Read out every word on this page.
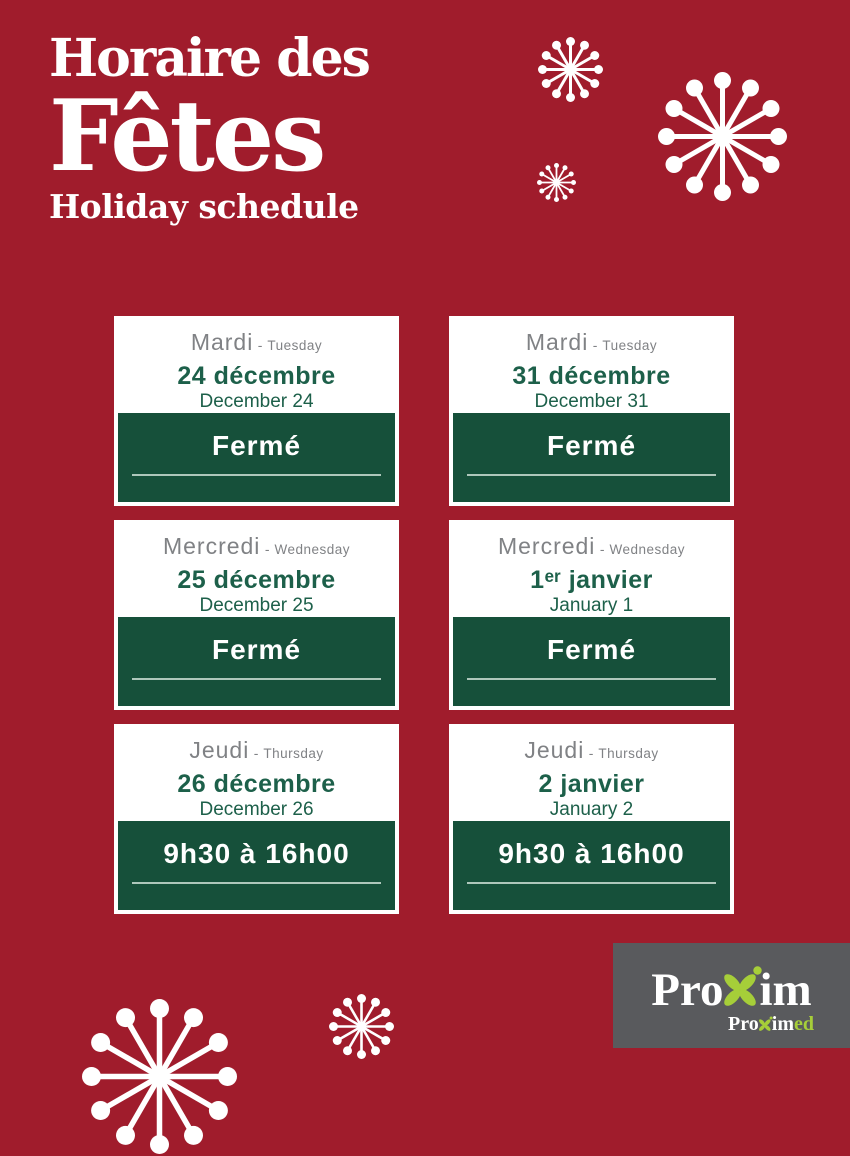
Horaire des
Fêtes
Holiday schedule
Mardi - Tuesday
24 décembre
December 24
Fermé
Mardi - Tuesday
31 décembre
December 31
Fermé
Mercredi - Wednesday
25 décembre
December 25
Fermé
Mercredi - Wednesday
1ᵉʳ janvier
January 1
Fermé
Jeudi - Thursday
26 décembre
December 26
9h30 à 16h00
Jeudi - Thursday
2 janvier
January 2
9h30 à 16h00
Pro im
Pro imed
